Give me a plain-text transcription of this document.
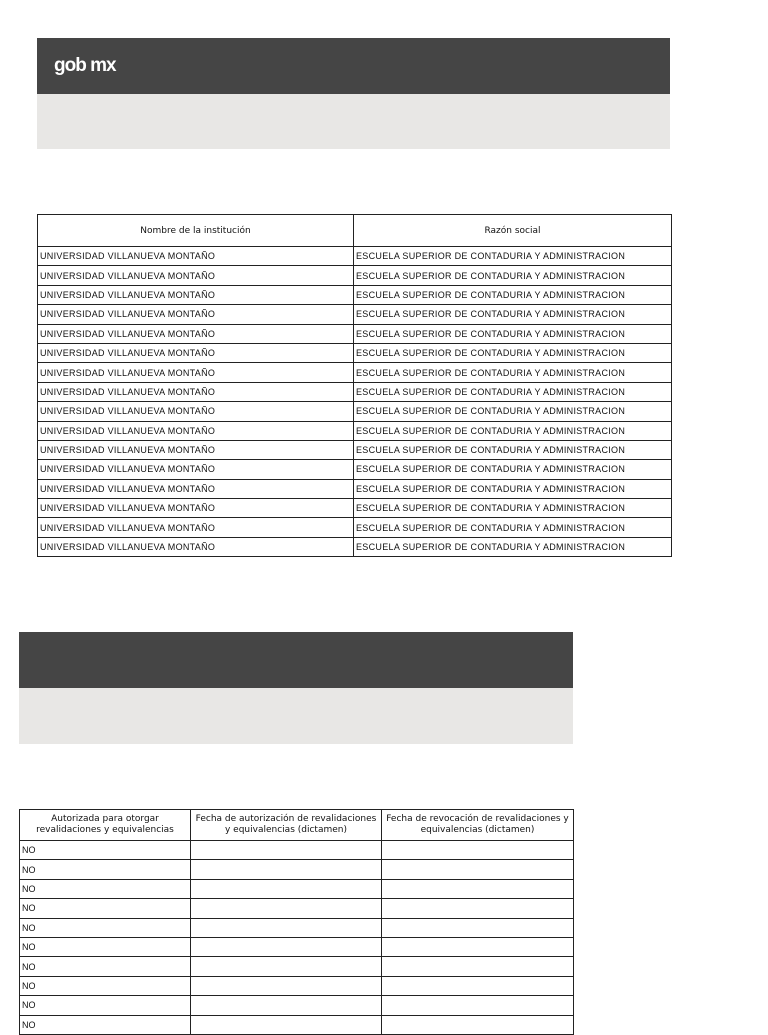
gob mx
Nombre de la institución	Razón social
UNIVERSIDAD VILLANUEVA MONTAÑO	ESCUELA SUPERIOR DE CONTADURIA Y ADMINISTRACION
UNIVERSIDAD VILLANUEVA MONTAÑO	ESCUELA SUPERIOR DE CONTADURIA Y ADMINISTRACION
UNIVERSIDAD VILLANUEVA MONTAÑO	ESCUELA SUPERIOR DE CONTADURIA Y ADMINISTRACION
UNIVERSIDAD VILLANUEVA MONTAÑO	ESCUELA SUPERIOR DE CONTADURIA Y ADMINISTRACION
UNIVERSIDAD VILLANUEVA MONTAÑO	ESCUELA SUPERIOR DE CONTADURIA Y ADMINISTRACION
UNIVERSIDAD VILLANUEVA MONTAÑO	ESCUELA SUPERIOR DE CONTADURIA Y ADMINISTRACION
UNIVERSIDAD VILLANUEVA MONTAÑO	ESCUELA SUPERIOR DE CONTADURIA Y ADMINISTRACION
UNIVERSIDAD VILLANUEVA MONTAÑO	ESCUELA SUPERIOR DE CONTADURIA Y ADMINISTRACION
UNIVERSIDAD VILLANUEVA MONTAÑO	ESCUELA SUPERIOR DE CONTADURIA Y ADMINISTRACION
UNIVERSIDAD VILLANUEVA MONTAÑO	ESCUELA SUPERIOR DE CONTADURIA Y ADMINISTRACION
UNIVERSIDAD VILLANUEVA MONTAÑO	ESCUELA SUPERIOR DE CONTADURIA Y ADMINISTRACION
UNIVERSIDAD VILLANUEVA MONTAÑO	ESCUELA SUPERIOR DE CONTADURIA Y ADMINISTRACION
UNIVERSIDAD VILLANUEVA MONTAÑO	ESCUELA SUPERIOR DE CONTADURIA Y ADMINISTRACION
UNIVERSIDAD VILLANUEVA MONTAÑO	ESCUELA SUPERIOR DE CONTADURIA Y ADMINISTRACION
UNIVERSIDAD VILLANUEVA MONTAÑO	ESCUELA SUPERIOR DE CONTADURIA Y ADMINISTRACION
UNIVERSIDAD VILLANUEVA MONTAÑO	ESCUELA SUPERIOR DE CONTADURIA Y ADMINISTRACION
Autorizada para otorgar revalidaciones y equivalencias	Fecha de autorización de revalidaciones y equivalencias (dictamen)	Fecha de revocación de revalidaciones y equivalencias (dictamen)
NO		
NO		
NO		
NO		
NO		
NO		
NO		
NO		
NO		
NO		
